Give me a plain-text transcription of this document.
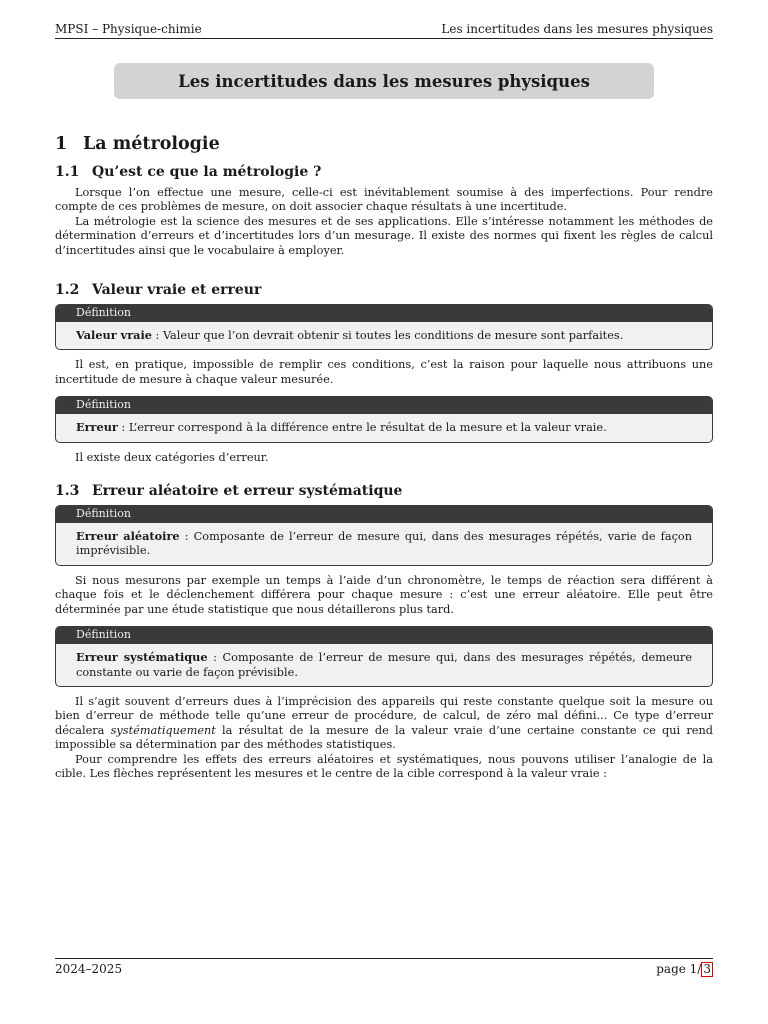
MPSI – Physique-chimie	Les incertitudes dans les mesures physiques
Les incertitudes dans les mesures physiques
1 La métrologie
1.1 Qu’est ce que la métrologie ?

Lorsque l’on effectue une mesure, celle-ci est inévitablement soumise à des imperfections. Pour rendre compte de ces problèmes de mesure, on doit associer chaque résultats à une incertitude.

La métrologie est la science des mesures et de ses applications. Elle s’intéresse notamment les méthodes de détermination d’erreurs et d’incertitudes lors d’un mesurage. Il existe des normes qui fixent les règles de calcul d’incertitudes ainsi que le vocabulaire à employer.

1.2 Valeur vraie et erreur
Définition
Valeur vraie : Valeur que l’on devrait obtenir si toutes les conditions de mesure sont parfaites.

Il est, en pratique, impossible de remplir ces conditions, c’est la raison pour laquelle nous attribuons une incertitude de mesure à chaque valeur mesurée.

Définition
Erreur : L’erreur correspond à la différence entre le résultat de la mesure et la valeur vraie.

Il existe deux catégories d’erreur.

1.3 Erreur aléatoire et erreur systématique
Définition
Erreur aléatoire : Composante de l’erreur de mesure qui, dans des mesurages répétés, varie de façon imprévisible.

Si nous mesurons par exemple un temps à l’aide d’un chronomètre, le temps de réaction sera différent à chaque fois et le déclenchement différera pour chaque mesure : c’est une erreur aléatoire. Elle peut être déterminée par une étude statistique que nous détaillerons plus tard.

Définition
Erreur systématique : Composante de l’erreur de mesure qui, dans des mesurages répétés, demeure constante ou varie de façon prévisible.

Il s’agit souvent d’erreurs dues à l’imprécision des appareils qui reste constante quelque soit la mesure ou bien d’erreur de méthode telle qu’une erreur de procédure, de calcul, de zéro mal défini... Ce type d’erreur décalera systématiquement la résultat de la mesure de la valeur vraie d’une certaine constante ce qui rend impossible sa détermination par des méthodes statistiques.

Pour comprendre les effets des erreurs aléatoires et systématiques, nous pouvons utiliser l’analogie de la cible. Les flèches représentent les mesures et le centre de la cible correspond à la valeur vraie :

2024–2025	page 1/ 3
